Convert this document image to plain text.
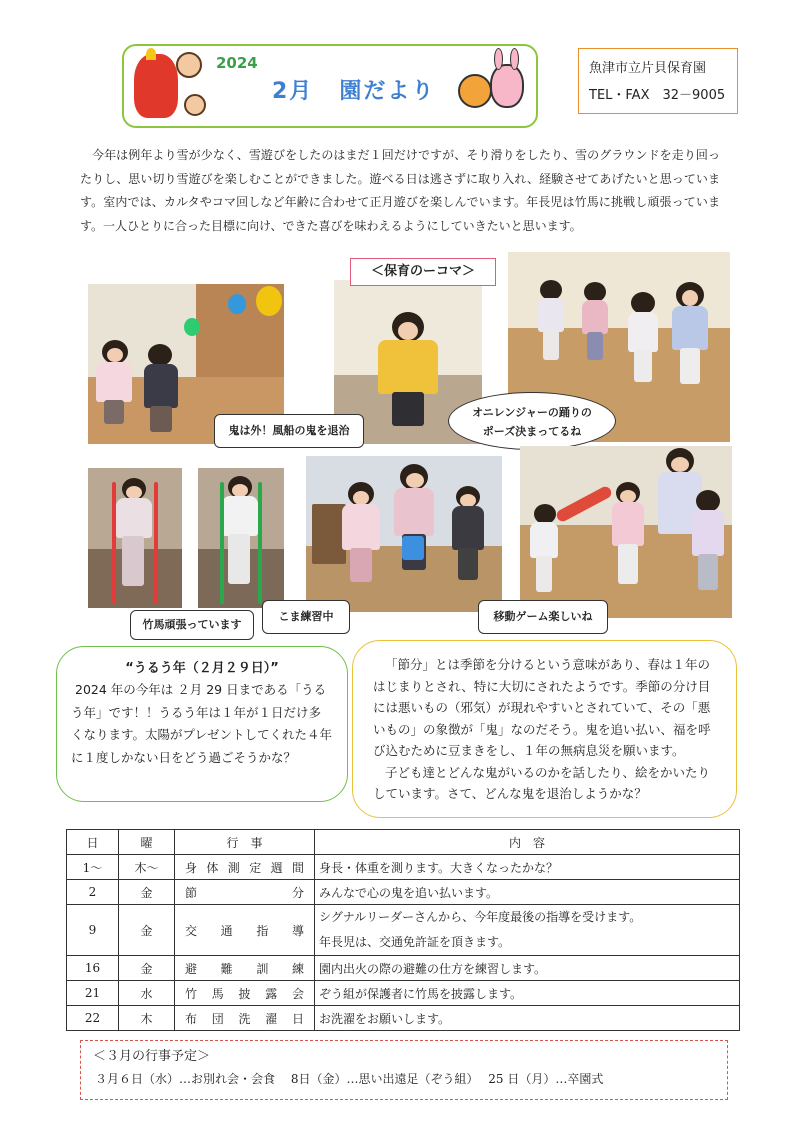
2024
2月 園だより
魚津市立片貝保育園
TEL・FAX　32－9005

今年は例年より雪が少なく、雪遊びをしたのはまだ１回だけですが、そり滑りをしたり、雪のグラウンドを走り回ったりし、思い切り雪遊びを楽しむことができました。遊べる日は逃さずに取り入れ、経験させてあげたいと思っています。室内では、カルタやコマ回しなど年齢に合わせて正月遊びを楽しんでいます。年長児は竹馬に挑戦し頑張っています。一人ひとりに合った目標に向け、できた喜びを味わえるようにしていきたいと思います。

＜保育のーコマ＞
鬼は外！風船の鬼を退治
オニレンジャーの踊りの
ポーズ決まってるね
竹馬頑張っています
こま練習中	移動ゲーム楽しいね
“うるう年（２月２９日）”
2024 年の今年は ２月 29 日まである「うるう年」です！！うるう年は１年が１日だけ多くなります。太陽がプレゼントしてくれた４年に１度しかない日をどう過ごそうかな？

「節分」とは季節を分けるという意味があり、春は１年のはじまりとされ、特に大切にされたようです。季節の分け目には悪いもの（邪気）が現れやすいとされていて、その「悪いもの」の象徴が「鬼」なのだそう。鬼を追い払い、福を呼び込むために豆まきをし、１年の無病息災を願います。

子ども達とどんな鬼がいるのかを話したり、絵をかいたりしています。さて、どんな鬼を退治しようかな？

日	曜	行　事	内　容
1～	木～	身体測定週間	身長・体重を測ります。大きくなったかな？
2	金	節分	みんなで心の鬼を追い払います。
9	金	交通指導	シグナルリーダーさんから、今年度最後の指導を受けます。
年長児は、交通免許証を頂きます。

16	金	避難訓練	園内出火の際の避難の仕方を練習します。
21	水	竹馬披露会	ぞう組が保護者に竹馬を披露します。
22	木	布団洗濯日	お洗濯をお願いします。
＜３月の行事予定＞
３月６日（水）…お別れ会・会食　 8日（金）…思い出遠足（ぞう組）　 25 日（月）…卒園式
